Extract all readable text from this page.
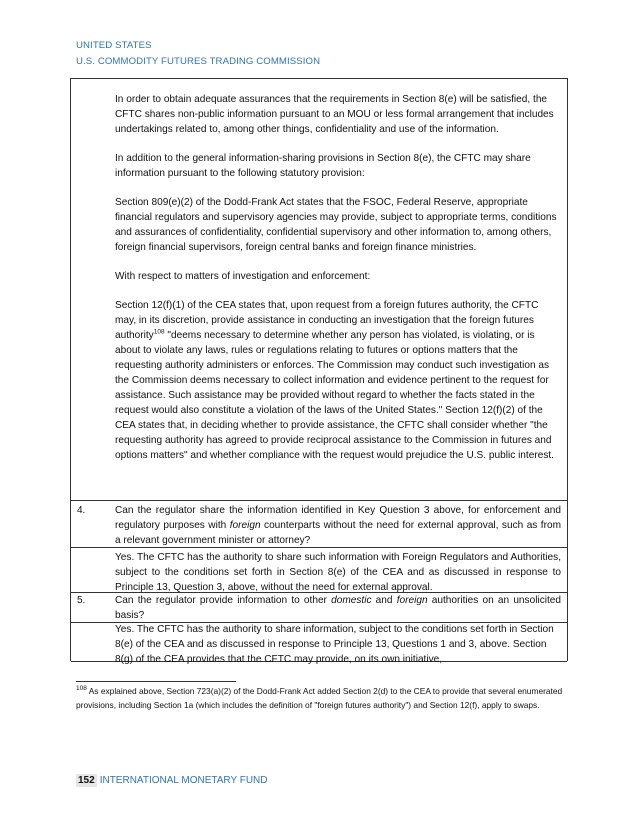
UNITED STATES
U.S. COMMODITY FUTURES TRADING COMMISSION

In order to obtain adequate assurances that the requirements in Section 8(e) will be satisfied, the CFTC shares non-public information pursuant to an MOU or less formal arrangement that includes undertakings related to, among other things, confidentiality and use of the information.

In addition to the general information-sharing provisions in Section 8(e), the CFTC may share information pursuant to the following statutory provision:

Section 809(e)(2) of the Dodd-Frank Act states that the FSOC, Federal Reserve, appropriate financial regulators and supervisory agencies may provide, subject to appropriate terms, conditions and assurances of confidentiality, confidential supervisory and other information to, among others, foreign financial supervisors, foreign central banks and foreign finance ministries.

With respect to matters of investigation and enforcement:

Section 12(f)(1) of the CEA states that, upon request from a foreign futures authority, the CFTC may, in its discretion, provide assistance in conducting an investigation that the foreign futures authority$^{108}$ "deems necessary to determine whether any person has violated, is violating, or is about to violate any laws, rules or regulations relating to futures or options matters that the requesting authority administers or enforces. The Commission may conduct such investigation as the Commission deems necessary to collect information and evidence pertinent to the request for assistance. Such assistance may be provided without regard to whether the facts stated in the request would also constitute a violation of the laws of the United States." Section 12(f)(2) of the CEA states that, in deciding whether to provide assistance, the CFTC shall consider whether "the requesting authority has agreed to provide reciprocal assistance to the Commission in futures and options matters" and whether compliance with the request would prejudice the U.S. public interest.

4.	Can the regulator share the information identified in Key Question 3 above, for enforcement and regulatory purposes with foreign counterparts without the need for external approval, such as from a relevant government minister or attorney?
Yes. The CFTC has the authority to share such information with Foreign Regulators and Authorities, subject to the conditions set forth in Section 8(e) of the CEA and as discussed in response to Principle 13, Question 3, above, without the need for external approval.
5.	Can the regulator provide information to other domestic and foreign authorities on an unsolicited basis?
Yes. The CFTC has the authority to share information, subject to the conditions set forth in Section 8(e) of the CEA and as discussed in response to Principle 13, Questions 1 and 3, above. Section 8(g) of the CEA provides that the CFTC may provide, on its own initiative,
$^{108}$ As explained above, Section 723(a)(2) of the Dodd-Frank Act added Section 2(d) to the CEA to provide that several enumerated provisions, including Section 1a (which includes the definition of "foreign futures authority") and Section 12(f), apply to swaps.
152 INTERNATIONAL MONETARY FUND
